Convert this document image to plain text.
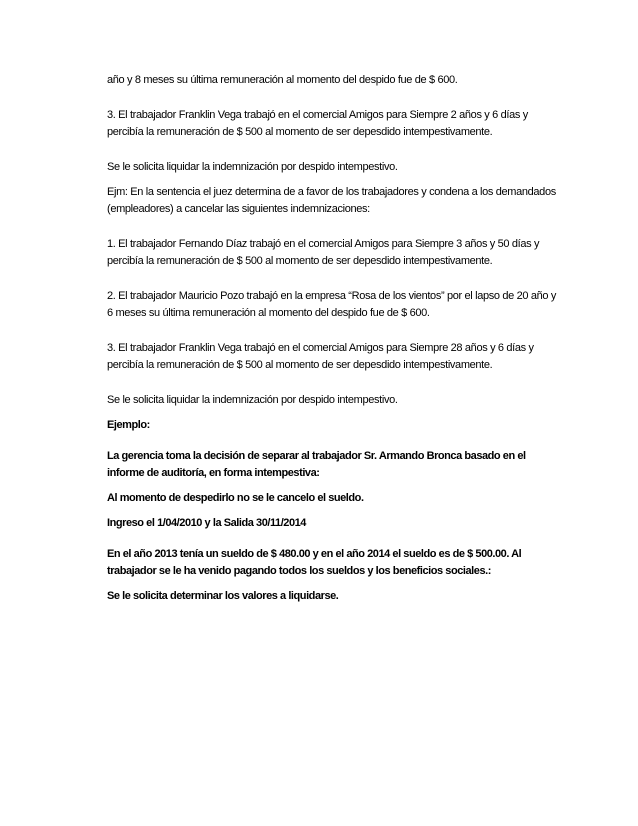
año y 8 meses su última remuneración al momento del despido fue de $ 600.

3. El trabajador Franklin Vega trabajó en el comercial Amigos para Siempre 2 años y 6 días y percibía la remuneración de $ 500 al momento de ser depesdido intempestivamente.

Se le solicita liquidar la indemnización por despido intempestivo.

Ejm: En la sentencia el juez determina de a favor de los trabajadores y condena a los demandados (empleadores) a cancelar las siguientes indemnizaciones:

1. El trabajador Fernando Díaz trabajó en el comercial Amigos para Siempre 3 años y 50 días y percibía la remuneración de $ 500 al momento de ser depesdido intempestivamente.

2. El trabajador Mauricio Pozo trabajó en la empresa “Rosa de los vientos” por el lapso de 20 año y 6 meses su última remuneración al momento del despido fue de $ 600.

3. El trabajador Franklin Vega trabajó en el comercial Amigos para Siempre 28 años y 6 días y percibía la remuneración de $ 500 al momento de ser depesdido intempestivamente.

Se le solicita liquidar la indemnización por despido intempestivo.

Ejemplo:

La gerencia toma la decisión de separar al trabajador Sr. Armando Bronca basado en el informe de auditoría, en forma intempestiva:

Al momento de despedirlo no se le cancelo el sueldo.

Ingreso el 1/04/2010 y la Salida 30/11/2014

En el año 2013 tenía un sueldo de $ 480.00 y en el año 2014 el sueldo es de $ 500.00. Al trabajador se le ha venido pagando todos los sueldos y los beneficios sociales.:

Se le solicita determinar los valores a liquidarse.
